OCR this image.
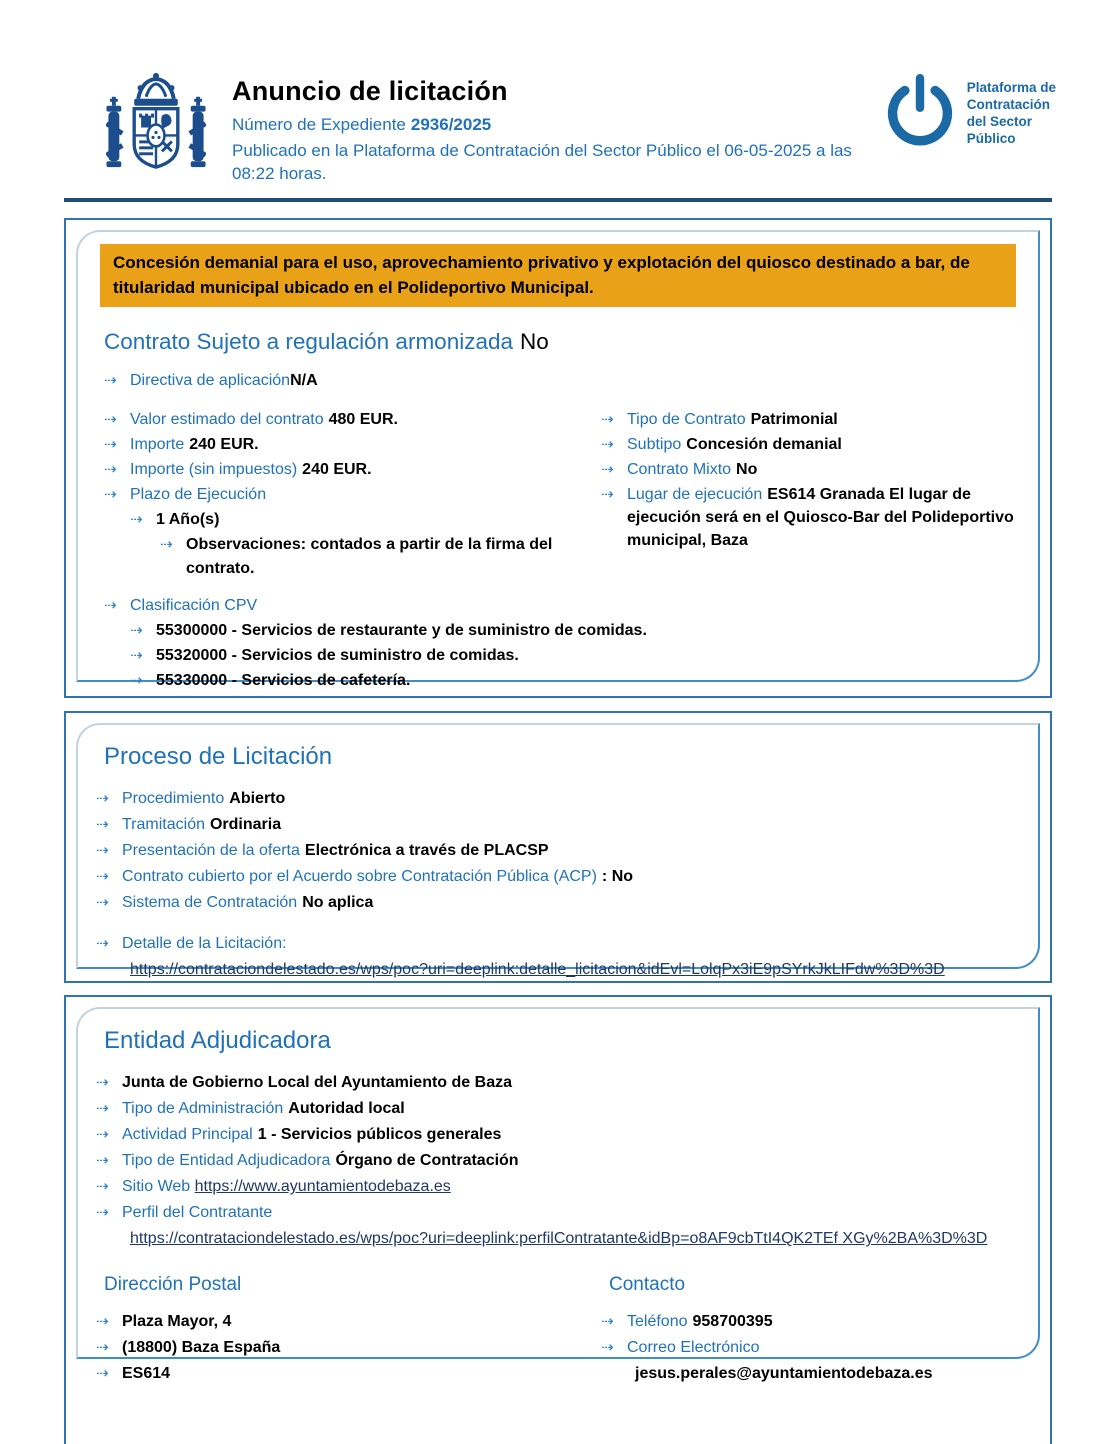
Anuncio de licitación
Número de Expediente 2936/2025
Publicado en la Plataforma de Contratación del Sector Público el 06-05-2025 a las 08:22 horas.
Plataforma de
Contratación
del Sector
Público
Concesión demanial para el uso, aprovechamiento privativo y explotación del quiosco destinado a bar, de titularidad municipal ubicado en el Polideportivo Municipal.
Contrato Sujeto a regulación armonizada No
⇢ Directiva de aplicaciónN/A
⇢ Valor estimado del contrato 480 EUR.
⇢ Importe 240 EUR.
⇢ Importe (sin impuestos) 240 EUR.
⇢ Plazo de Ejecución
⇢ 1 Año(s)
⇢ Observaciones: contados a partir de la firma del contrato.
⇢ Tipo de Contrato Patrimonial
⇢ Subtipo Concesión demanial
⇢ Contrato Mixto No
⇢ Lugar de ejecución ES614 Granada El lugar de ejecución será en el Quiosco-Bar del Polideportivo municipal, Baza
⇢ Clasificación CPV
⇢ 55300000 - Servicios de restaurante y de suministro de comidas.
⇢ 55320000 - Servicios de suministro de comidas.
⇢ 55330000 - Servicios de cafetería.
Proceso de Licitación
⇢ Procedimiento Abierto
⇢ Tramitación Ordinaria
⇢ Presentación de la oferta Electrónica a través de PLACSP
⇢ Contrato cubierto por el Acuerdo sobre Contratación Pública (ACP) : No
⇢ Sistema de Contratación No aplica
⇢ Detalle de la Licitación:
https://contrataciondelestado.es/wps/poc?uri=deeplink:detalle_licitacion&idEvl=LolqPx3iE9pSYrkJkLIFdw%3D%3D
Entidad Adjudicadora
⇢ Junta de Gobierno Local del Ayuntamiento de Baza
⇢ Tipo de Administración Autoridad local
⇢ Actividad Principal 1 - Servicios públicos generales
⇢ Tipo de Entidad Adjudicadora Órgano de Contratación
⇢ Sitio Web https://www.ayuntamientodebaza.es
⇢ Perfil del Contratante
https://contrataciondelestado.es/wps/poc?uri=deeplink:perfilContratante&idBp=o8AF9cbTtI4QK2TEf XGy%2BA%3D%3D
Dirección Postal
⇢ Plaza Mayor, 4
⇢ (18800) Baza España
⇢ ES614
Contacto
⇢ Teléfono 958700395
⇢ Correo Electrónico
jesus.perales@ayuntamientodebaza.es
